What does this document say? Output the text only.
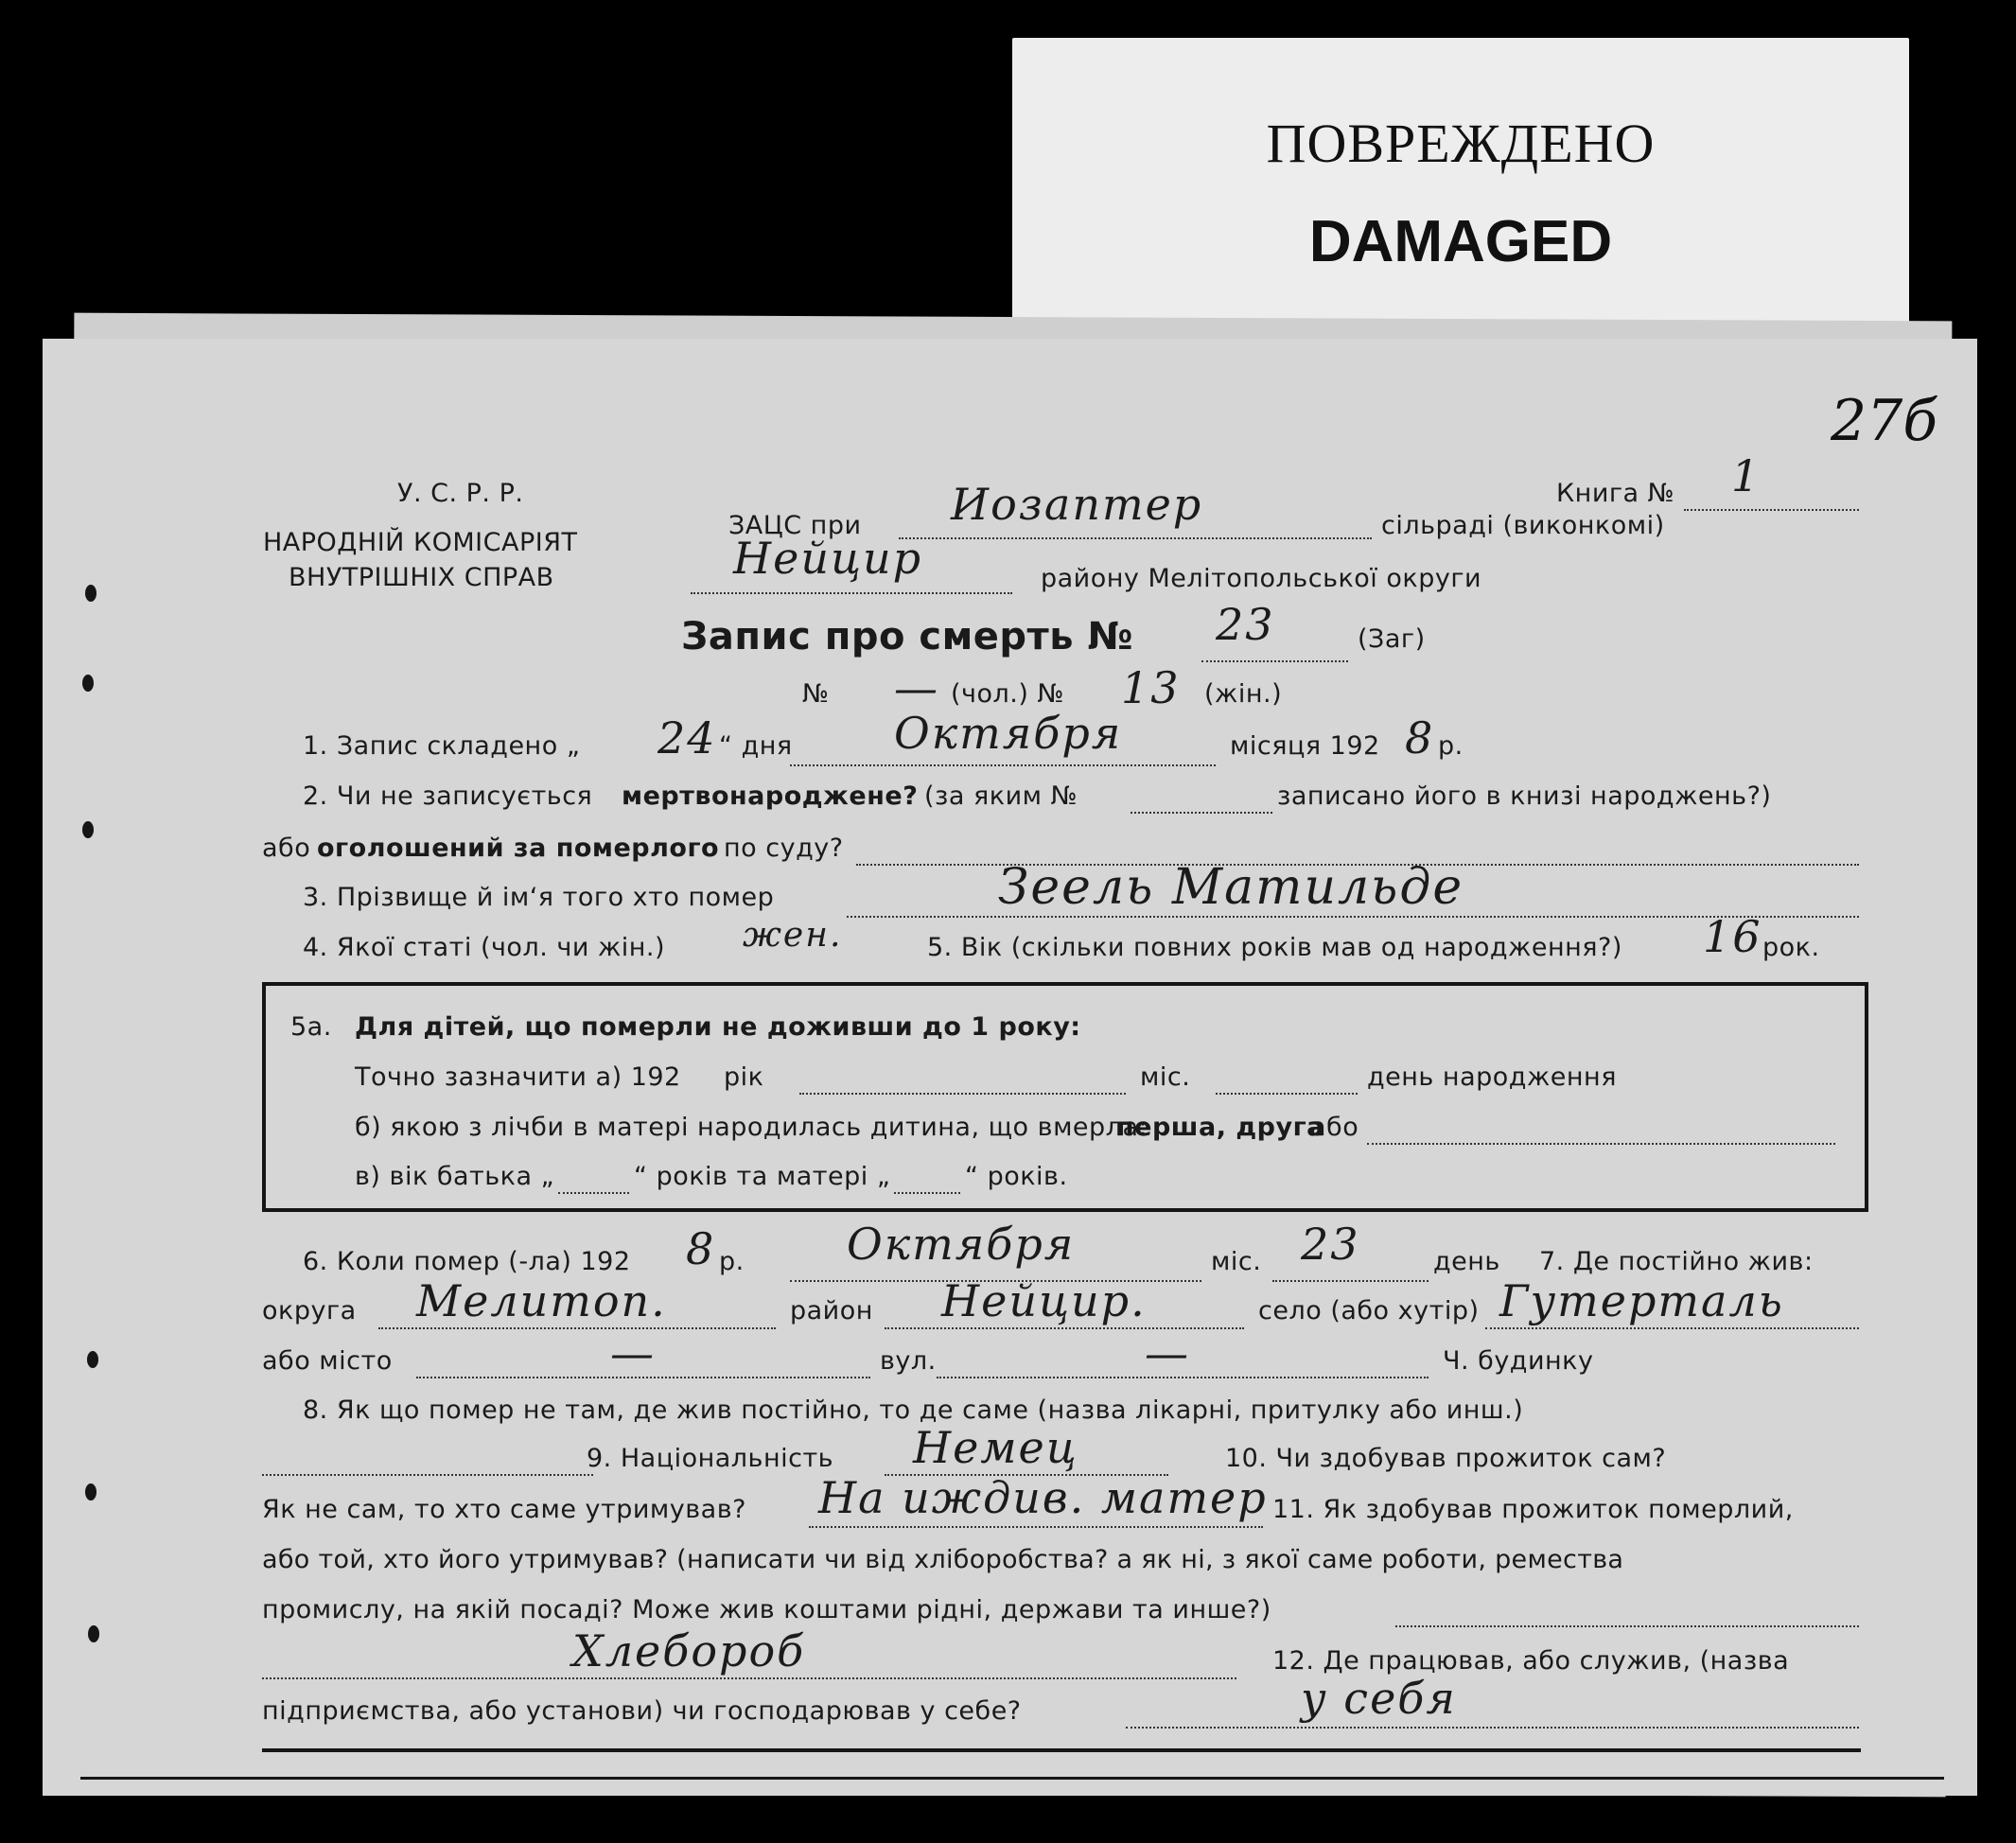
ПОВРЕЖДЕНО
DAMAGED
27б
У. С. Р. Р.
НАРОДНІЙ КОМІСАРІЯТ
ВНУТРІШНІХ СПРАВ
Книга № 1
ЗАЦС при Иозаптер	сільраді (виконкомі)
Нейцир	району Мелітопольської округи
Запис про смерть № 23	(Заг)
№ — (чол.) № 13 (жін.)
1. Запис складено „ 24 “ дня Октября	місяця 192 8 р.
2. Чи не записується мертвонароджене? (за яким №	записано його в книзі народжень?)
або оголошений за померлого по суду?
3. Прізвище й ім‘я того хто помер	Зеель Матильде
4. Якої статі (чол. чи жін.) жен.	5. Вік (скільки повних років мав од народження?) 16 рок.
5а. Для дітей, що померли не доживши до 1 року:
Точно зазначити а) 192 рік	міс.	день народження
б) якою з лічби в матері народилась дитина, що вмерла:
перша, друга
або
в) вік батька „	“ років та матері „	“ років.
6. Коли помер (-ла) 192 8 р. Октября	міс. 23	день 7. Де постійно жив:
округа Мелитоп.	район Нейцир.	село (або хутір) Гутерталь
або місто	—	вул.	—	Ч. будинку
8. Як що помер не там, де жив постійно, то де саме (назва лікарні, притулку або инш.)
9. Національність Немец	10. Чи здобував прожиток сам?
Як не сам, то хто саме утримував? На иждив. матер 11. Як здобував прожиток померлий,
або той, хто його утримував? (написати чи від хліборобства? а як ні, з якої саме роботи, ремества
промислу, на якій посаді? Може жив коштами рідні, держави та инше?)
Хлебороб	12. Де працював, або служив, (назва
підприємства, або установи) чи господарював у себе?	у себя
